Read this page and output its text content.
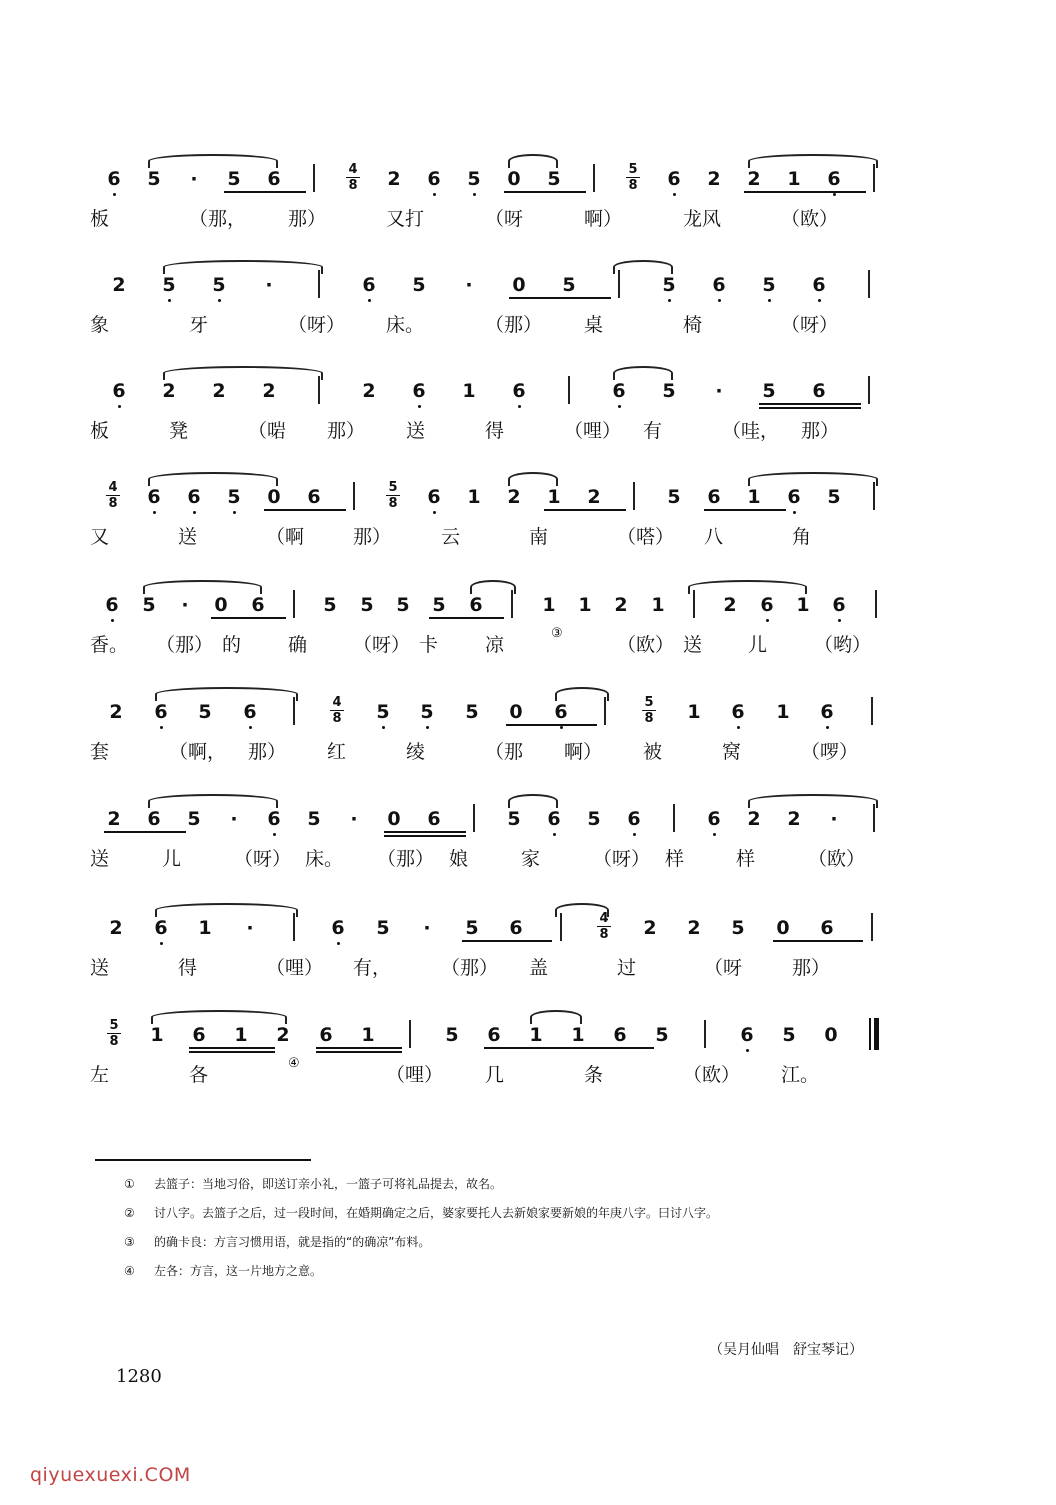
6 5 · 5 6	4
8 2 6 5 0 5	5
8 6 2 2 1 6
板	（那， 那）	又打	（呀	啊）	龙风	（欧）
2 5 5 ·	6 5 · 0 5	5 6 5 6
象	牙	（呀） 床。	（那） 桌	椅	（呀）
6 2 2 2	2 6 1 6	6 5 · 5 6
板	凳	（啱 那） 送	得	（哩） 有	（哇， 那）
4
8 6 6 5 0 6	5
8 6 1 2 1 2	5 6 1 6 5
又	送	（啊	那）	云	南	（嗒） 八	角
6 5 · 0 6	5 5 5 5 6	1 1 2 1	2 6 1 6
香。 （那） 的 确 （呀） 卡 凉
③
（欧） 送 儿 （哟）
2 6 5 6	4
8 5 5 5 0 6	5
8 1 6 1 6
套	（啊， 那） 红	绫	（那 啊） 被	窝	（啰）
2 6 5 · 6 5 · 0 6	5 6 5 6	6 2 2 ·
送	儿	（呀） 床。 （那） 娘	家	（呀） 样	样	（欧）
2 6 1 ·	6 5 · 5 6	4
8 2 2 5 0 6
送	得	（哩） 有，	（那） 盖	过	（呀	那）
5
8 1 6 1 2 6 1	5 6 1 1 6 5	6 5 0
左	各
④
（哩） 几	条	（欧） 江。
① 去篮子：当地习俗，即送订亲小礼，一篮子可将礼品提去，故名。
② 讨八字。去篮子之后，过一段时间，在婚期确定之后，婆家要托人去新娘家要新娘的年庚八字。曰讨八字。
③ 的确卡良：方言习惯用语，就是指的“的确凉”布料。
④ 左各：方言，这一片地方之意。
（吴月仙唱　舒宝琴记）
1280
qiyuexuexi.COM
